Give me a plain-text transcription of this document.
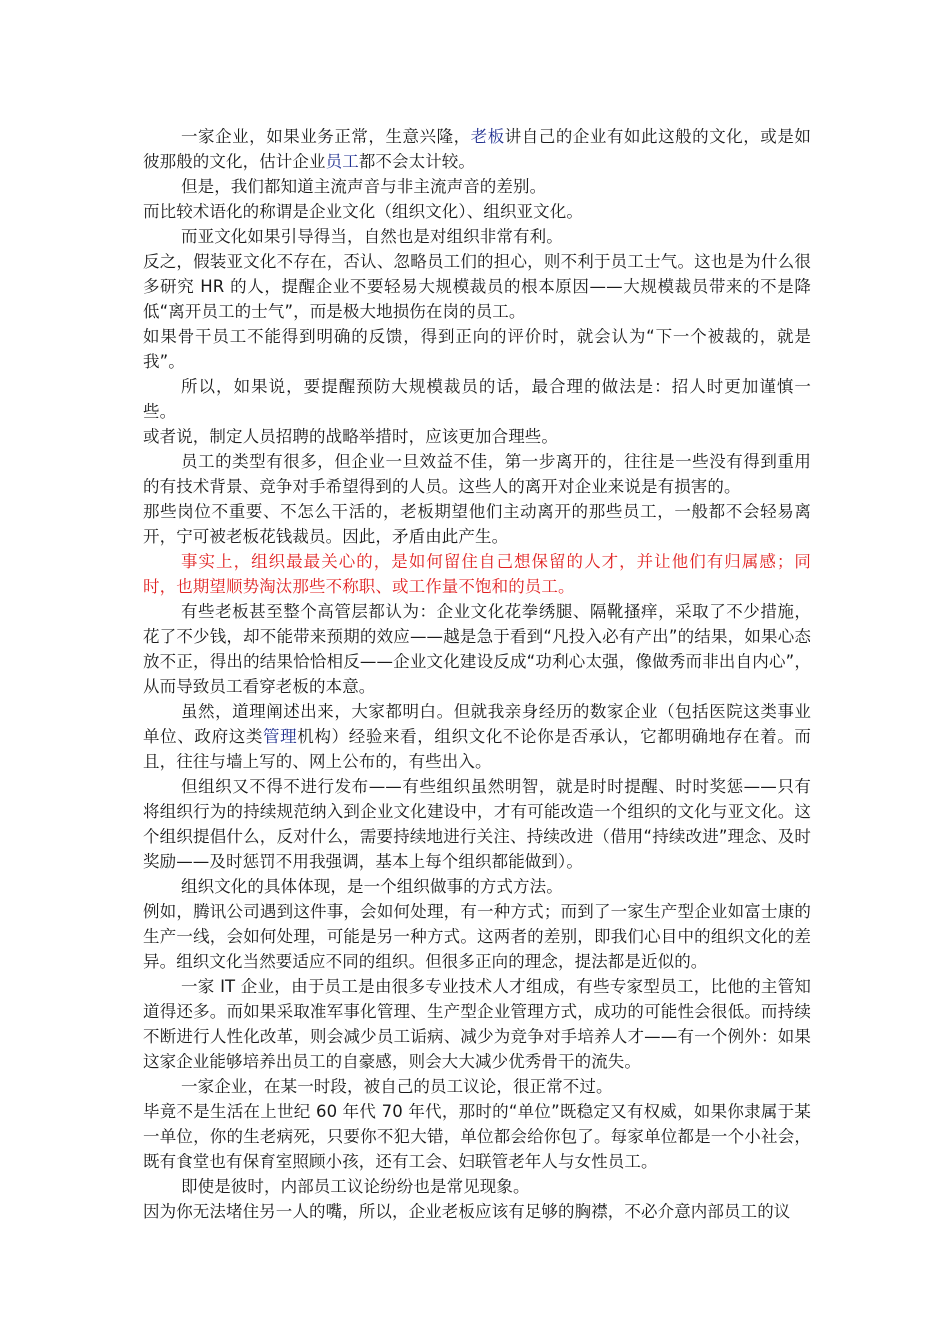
一家企业，如果业务正常，生意兴隆，老板讲自己的企业有如此这般的文化，或是如彼那般的文化，估计企业员工都不会太计较。

但是，我们都知道主流声音与非主流声音的差别。

而比较术语化的称谓是企业文化（组织文化）、组织亚文化。

而亚文化如果引导得当，自然也是对组织非常有利。

反之，假装亚文化不存在，否认、忽略员工们的担心，则不利于员工士气。这也是为什么很多研究 HR 的人，提醒企业不要轻易大规模裁员的根本原因——大规模裁员带来的不是降低“离开员工的士气”，而是极大地损伤在岗的员工。

如果骨干员工不能得到明确的反馈，得到正向的评价时，就会认为“下一个被裁的，就是我”。

所以，如果说，要提醒预防大规模裁员的话，最合理的做法是：招人时更加谨慎一些。

或者说，制定人员招聘的战略举措时，应该更加合理些。

员工的类型有很多，但企业一旦效益不佳，第一步离开的，往往是一些没有得到重用的有技术背景、竞争对手希望得到的人员。这些人的离开对企业来说是有损害的。

那些岗位不重要、不怎么干活的，老板期望他们主动离开的那些员工，一般都不会轻易离开，宁可被老板花钱裁员。因此，矛盾由此产生。

事实上，组织最最关心的，是如何留住自己想保留的人才，并让他们有归属感；同时，也期望顺势淘汰那些不称职、或工作量不饱和的员工。

有些老板甚至整个高管层都认为：企业文化花拳绣腿、隔靴搔痒，采取了不少措施，花了不少钱，却不能带来预期的效应——越是急于看到“凡投入必有产出”的结果，如果心态放不正，得出的结果恰恰相反——企业文化建设反成“功利心太强，像做秀而非出自内心”，从而导致员工看穿老板的本意。

虽然，道理阐述出来，大家都明白。但就我亲身经历的数家企业（包括医院这类事业单位、政府这类管理机构）经验来看，组织文化不论你是否承认，它都明确地存在着。而且，往往与墙上写的、网上公布的，有些出入。

但组织又不得不进行发布——有些组织虽然明智，就是时时提醒、时时奖惩——只有将组织行为的持续规范纳入到企业文化建设中，才有可能改造一个组织的文化与亚文化。这个组织提倡什么，反对什么，需要持续地进行关注、持续改进（借用“持续改进”理念、及时奖励——及时惩罚不用我强调，基本上每个组织都能做到）。

组织文化的具体体现，是一个组织做事的方式方法。

例如，腾讯公司遇到这件事，会如何处理，有一种方式；而到了一家生产型企业如富士康的生产一线，会如何处理，可能是另一种方式。这两者的差别，即我们心目中的组织文化的差异。组织文化当然要适应不同的组织。但很多正向的理念，提法都是近似的。

一家 IT 企业，由于员工是由很多专业技术人才组成，有些专家型员工，比他的主管知道得还多。而如果采取准军事化管理、生产型企业管理方式，成功的可能性会很低。而持续不断进行人性化改革，则会减少员工诟病、减少为竞争对手培养人才——有一个例外：如果这家企业能够培养出员工的自豪感，则会大大减少优秀骨干的流失。

一家企业，在某一时段，被自己的员工议论，很正常不过。

毕竟不是生活在上世纪 60 年代 70 年代，那时的“单位”既稳定又有权威，如果你隶属于某一单位，你的生老病死，只要你不犯大错，单位都会给你包了。每家单位都是一个小社会，既有食堂也有保育室照顾小孩，还有工会、妇联管老年人与女性员工。

即使是彼时，内部员工议论纷纷也是常见现象。

因为你无法堵住另一人的嘴，所以，企业老板应该有足够的胸襟，不必介意内部员工的议
